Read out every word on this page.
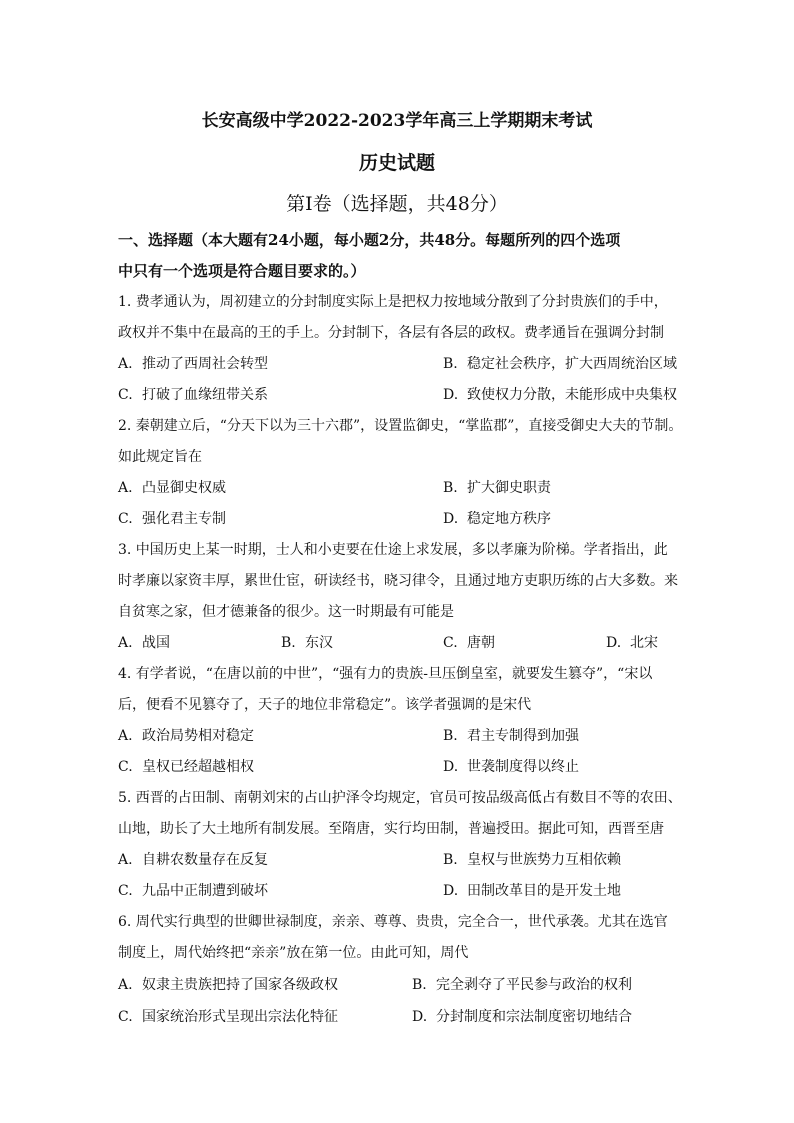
长安高级中学2022-2023学年高三上学期期末考试
历史试题
第Ⅰ卷（选择题，共48分）
一、选择题（本大题有24小题，每小题2分，共48分。每题所列的四个选项
中只有一个选项是符合题目要求的。）
1. 费孝通认为，周初建立的分封制度实际上是把权力按地域分散到了分封贵族们的手中，
政权并不集中在最高的王的手上。分封制下，各层有各层的政权。费孝通旨在强调分封制
A. 推动了西周社会转型	B. 稳定社会秩序，扩大西周统治区域
C. 打破了血缘纽带关系	D. 致使权力分散，未能形成中央集权
2. 秦朝建立后，“分天下以为三十六郡”，设置监御史，“掌监郡”，直接受御史大夫的节制。
如此规定旨在
A. 凸显御史权威	B. 扩大御史职责
C. 强化君主专制	D. 稳定地方秩序
3. 中国历史上某一时期，士人和小吏要在仕途上求发展，多以孝廉为阶梯。学者指出，此
时孝廉以家资丰厚，累世仕宦，研读经书，晓习律令，且通过地方吏职历练的占大多数。来
自贫寒之家，但才德兼备的很少。这一时期最有可能是
A. 战国	B. 东汉	C. 唐朝	D. 北宋
4. 有学者说，“在唐以前的中世”，“强有力的贵族-旦压倒皇室，就要发生篡夺”，“宋以
后，便看不见篡夺了，天子的地位非常稳定”。该学者强调的是宋代
A. 政治局势相对稳定	B. 君主专制得到加强
C. 皇权已经超越相权	D. 世袭制度得以终止
5. 西晋的占田制、南朝刘宋的占山护泽令均规定，官员可按品级高低占有数目不等的农田、
山地，助长了大土地所有制发展。至隋唐，实行均田制，普遍授田。据此可知，西晋至唐
A. 自耕农数量存在反复	B. 皇权与世族势力互相依赖
C. 九品中正制遭到破坏	D. 田制改革目的是开发土地
6. 周代实行典型的世卿世禄制度，亲亲、尊尊、贵贵，完全合一，世代承袭。尤其在选官
制度上，周代始终把“亲亲”放在第一位。由此可知，周代
A. 奴隶主贵族把持了国家各级政权	B. 完全剥夺了平民参与政治的权利
C. 国家统治形式呈现出宗法化特征	D. 分封制度和宗法制度密切地结合
